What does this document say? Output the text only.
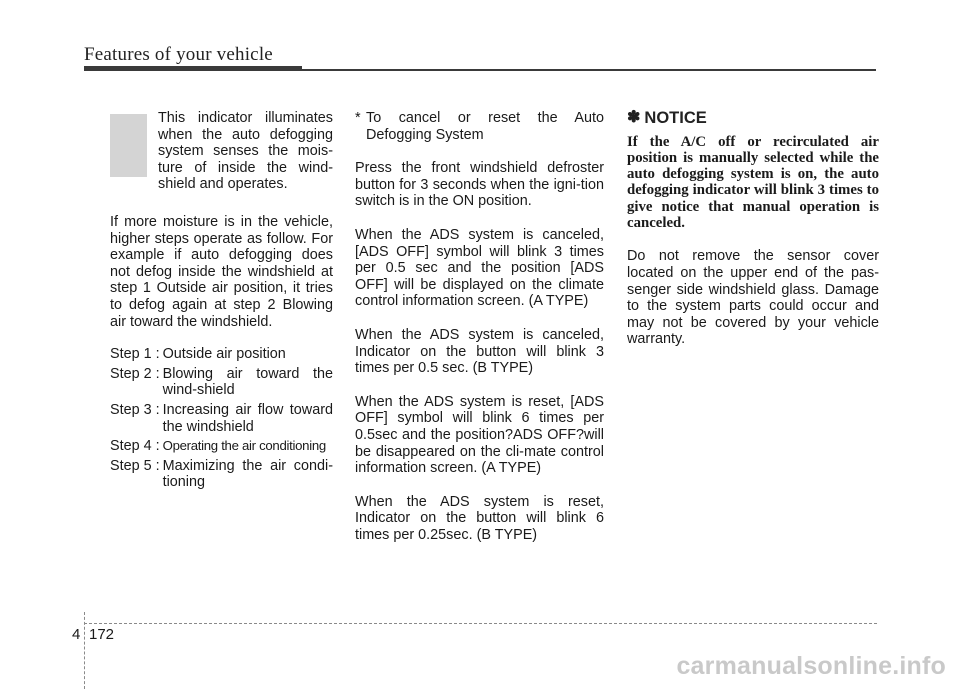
Features of your vehicle
This indicator illuminates when the auto defogging system senses the mois-ture of inside the wind-shield and operates.
If more moisture is in the vehicle, higher steps operate as follow. For example if auto defogging does not defog inside the windshield at step 1 Outside air position, it tries to defog again at step 2 Blowing air toward the windshield.
Step 1 : Outside air position
Step 2 : Blowing air toward the wind-shield
Step 3 : Increasing air flow toward the windshield
Step 4 : Operating the air conditioning
Step 5 : Maximizing the air condi-tioning
* To cancel or reset the Auto Defogging System
Press the front windshield defroster button for 3 seconds when the igni-tion switch is in the ON position.
When the ADS system is canceled, [ADS OFF] symbol will blink 3 times per 0.5 sec and the position [ADS OFF] will be displayed on the climate control information screen. (A TYPE)
When the ADS system is canceled, Indicator on the button will blink 3 times per 0.5 sec. (B TYPE)
When the ADS system is reset, [ADS OFF] symbol will blink 6 times per 0.5sec and the position?ADS OFF?will be disappeared on the cli-mate control information screen. (A TYPE)
When the ADS system is reset, Indicator on the button will blink 6 times per 0.25sec. (B TYPE)
✽ NOTICE
If the A/C off or recirculated air position is manually selected while the auto defogging system is on, the auto defogging indicator will blink 3 times to give notice that manual operation is canceled.
Do not remove the sensor cover located on the upper end of the pas-senger side windshield glass. Damage to the system parts could occur and may not be covered by your vehicle warranty.
4 172
carmanualsonline.info
